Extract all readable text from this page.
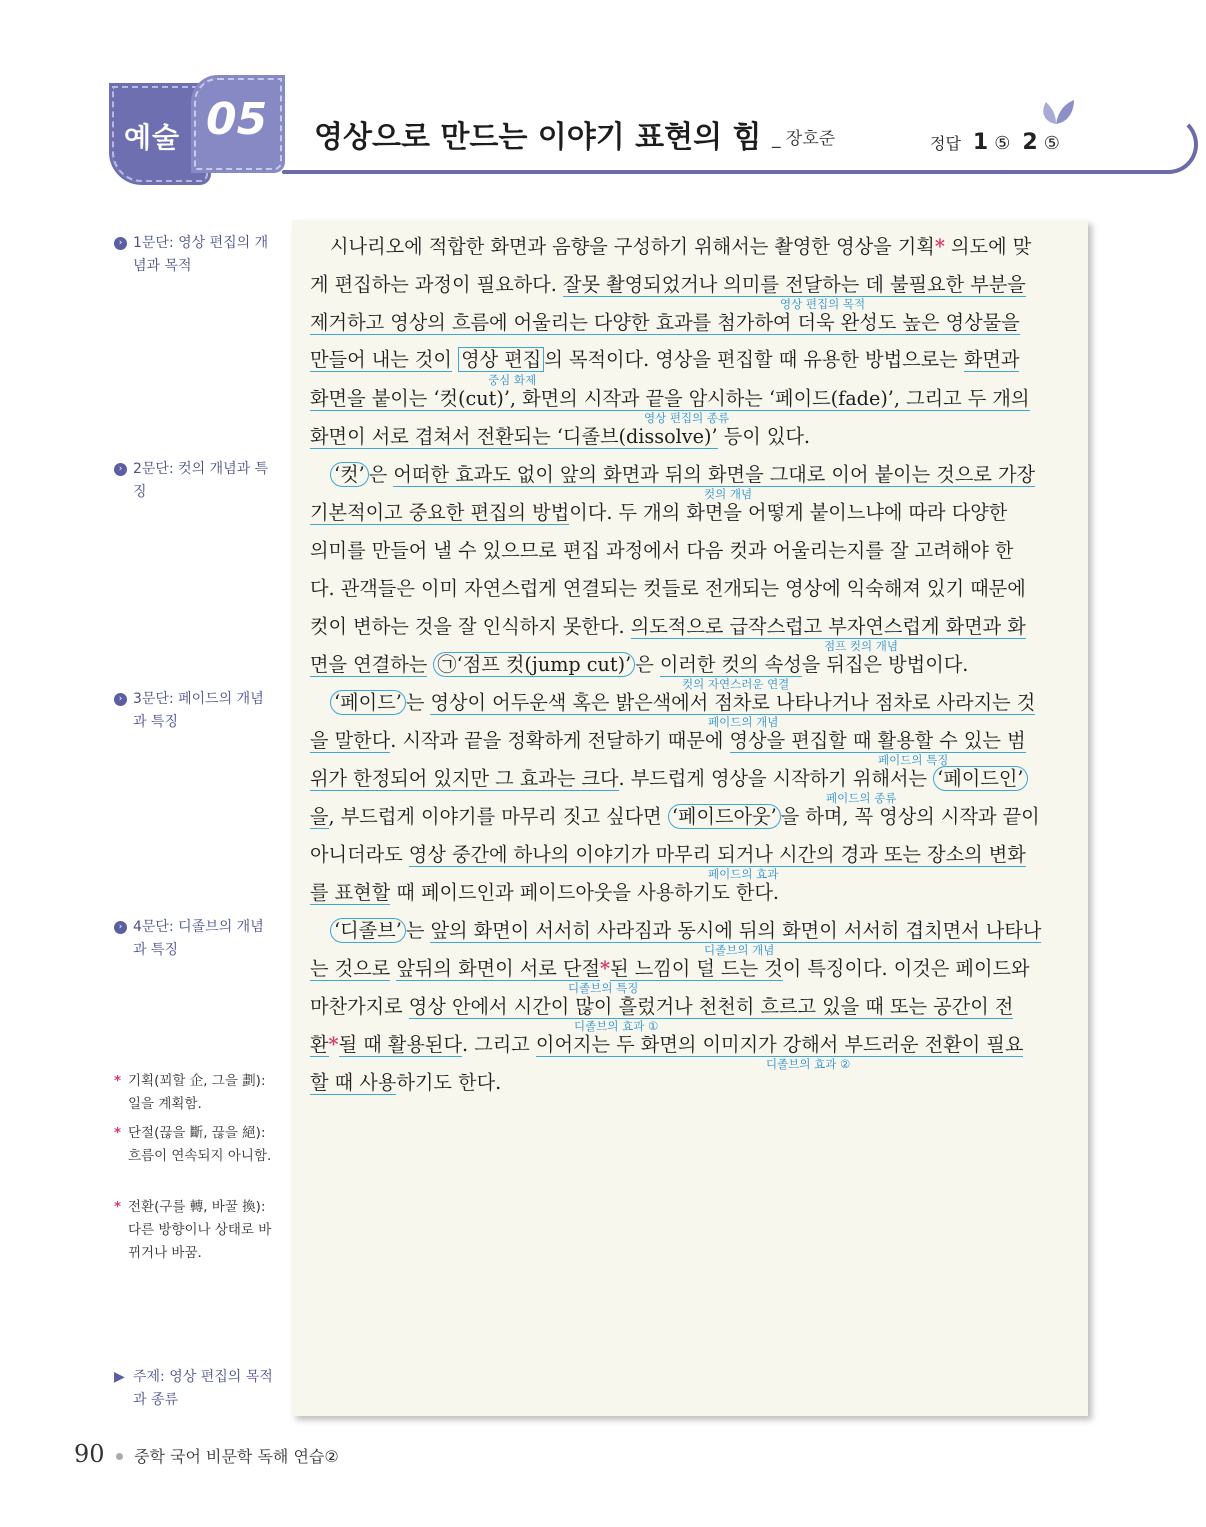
예술 05 영상으로 만드는 이야기 표현의 힘 _ 장호준	정답 1 ⑤ 2 ⑤
› 1문단: 영상 편집의 개념과 목적
› 2문단: 컷의 개념과 특징
› 3문단: 페이드의 개념과 특징
› 4문단: 디졸브의 개념과 특징
* 기획(꾀할 企, 그을 劃): 일을 계획함.
* 단절(끊을 斷, 끊을 絕): 흐름이 연속되지 아니함.
* 전환(구를 轉, 바꿀 換): 다른 방향이나 상태로 바뀌거나 바꿈.
▶ 주제: 영상 편집의 목적과 종류
시나리오에 적합한 화면과 음향을 구성하기 위해서는 촬영한 영상을 기획* 의도에 맞
게 편집하는 과정이 필요하다. 잘못 촬영되었거나 의미를 전달하는 데 불필요한 부분을
영상 편집의 목적
제거하고 영상의 흐름에 어울리는 다양한 효과를 첨가하여 더욱 완성도 높은 영상물을
만들어 내는 것이 영상 편집 의 목적이다. 영상을 편집할 때 유용한 방법으로는 화면과
중심 화제
화면을 붙이는 ‘컷(cut)’, 화면의 시작과 끝을 암시하는 ‘페이드(fade)’, 그리고 두 개의
영상 편집의 종류
화면이 서로 겹쳐서 전환되는 ‘디졸브(dissolve)’ 등이 있다.
‘컷’ 은 어떠한 효과도 없이 앞의 화면과 뒤의 화면을 그대로 이어 붙이는 것으로 가장
컷의 개념
기본적이고 중요한 편집의 방법이다. 두 개의 화면을 어떻게 붙이느냐에 따라 다양한
의미를 만들어 낼 수 있으므로 편집 과정에서 다음 컷과 어울리는지를 잘 고려해야 한
다. 관객들은 이미 자연스럽게 연결되는 컷들로 전개되는 영상에 익숙해져 있기 때문에
컷이 변하는 것을 잘 인식하지 못한다. 의도적으로 급작스럽고 부자연스럽게 화면과 화
점프 컷의 개념
면을 연결하는 ㉠‘점프 컷(jump cut)’ 은 이러한 컷의 속성을 뒤집은 방법이다.
컷의 자연스러운 연결
‘페이드’ 는 영상이 어두운색 혹은 밝은색에서 점차로 나타나거나 점차로 사라지는 것
페이드의 개념
을 말한다. 시작과 끝을 정확하게 전달하기 때문에 영상을 편집할 때 활용할 수 있는 범
페이드의 특징
위가 한정되어 있지만 그 효과는 크다. 부드럽게 영상을 시작하기 위해서는 ‘페이드인’
페이드의 종류
을, 부드럽게 이야기를 마무리 짓고 싶다면 ‘페이드아웃’ 을 하며, 꼭 영상의 시작과 끝이
아니더라도 영상 중간에 하나의 이야기가 마무리 되거나 시간의 경과 또는 장소의 변화
페이드의 효과
를 표현할 때 페이드인과 페이드아웃을 사용하기도 한다.
‘디졸브’ 는 앞의 화면이 서서히 사라짐과 동시에 뒤의 화면이 서서히 겹치면서 나타나
디졸브의 개념
는 것으로 앞뒤의 화면이 서로 단절*된 느낌이 덜 드는 것이 특징이다. 이것은 페이드와
디졸브의 특징
마찬가지로 영상 안에서 시간이 많이 흘렀거나 천천히 흐르고 있을 때 또는 공간이 전
디졸브의 효과 ①
환*될 때 활용된다. 그리고 이어지는 두 화면의 이미지가 강해서 부드러운 전환이 필요
디졸브의 효과 ②
할 때 사용하기도 한다.
90 중학 국어 비문학 독해 연습②
